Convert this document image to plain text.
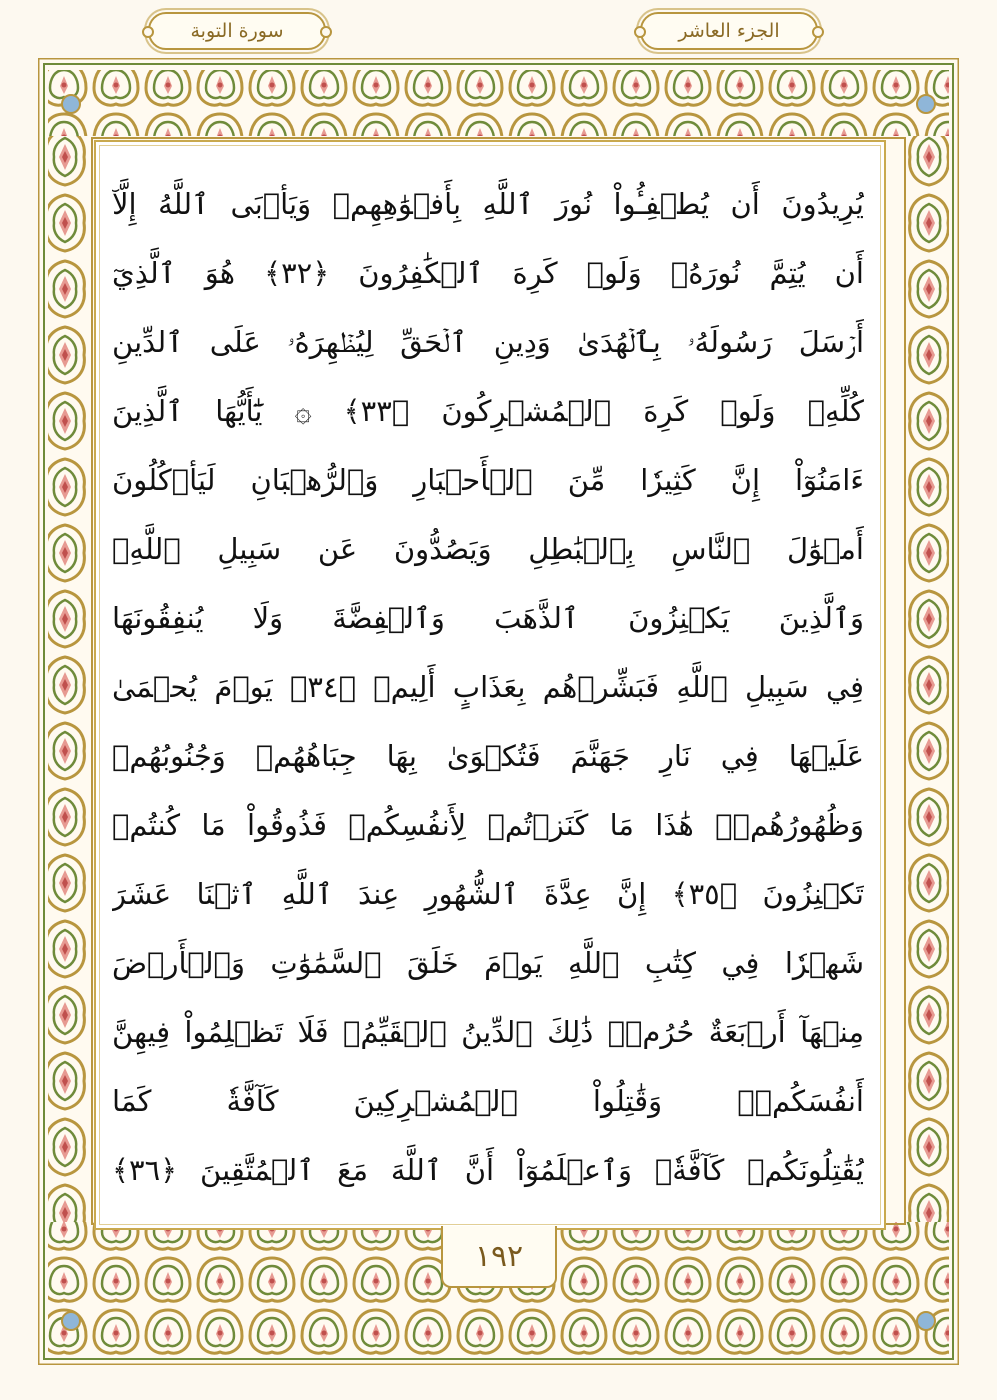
سورة التوبة	الجزء العاشر
يُرِيدُونَ أَن يُطۡفِـُٔواْ نُورَ ٱللَّهِ بِأَفۡوَٰهِهِمۡ وَيَأۡبَى ٱللَّهُ إِلَّآ
أَن يُتِمَّ نُورَهُۥ وَلَوۡ كَرِهَ ٱلۡكَٰفِرُونَ ﴿٣٢﴾ هُوَ ٱلَّذِيٓ
أَرۡسَلَ رَسُولَهُۥ بِٱلۡهُدَىٰ وَدِينِ ٱلۡحَقِّ لِيُظۡهِرَهُۥ عَلَى ٱلدِّينِ
كُلِّهِۦ وَلَوۡ كَرِهَ ٱلۡمُشۡرِكُونَ ﴿٣٣﴾ ۞ يَٰٓأَيُّهَا ٱلَّذِينَ
ءَامَنُوٓاْ إِنَّ كَثِيرٗا مِّنَ ٱلۡأَحۡبَارِ وَٱلرُّهۡبَانِ لَيَأۡكُلُونَ
أَمۡوَٰلَ ٱلنَّاسِ بِٱلۡبَٰطِلِ وَيَصُدُّونَ عَن سَبِيلِ ٱللَّهِۗ
وَٱلَّذِينَ يَكۡنِزُونَ ٱلذَّهَبَ وَٱلۡفِضَّةَ وَلَا يُنفِقُونَهَا
فِي سَبِيلِ ٱللَّهِ فَبَشِّرۡهُم بِعَذَابٍ أَلِيمٖ ﴿٣٤﴾ يَوۡمَ يُحۡمَىٰ
عَلَيۡهَا فِي نَارِ جَهَنَّمَ فَتُكۡوَىٰ بِهَا جِبَاهُهُمۡ وَجُنُوبُهُمۡ
وَظُهُورُهُمۡۖ هَٰذَا مَا كَنَزۡتُمۡ لِأَنفُسِكُمۡ فَذُوقُواْ مَا كُنتُمۡ
تَكۡنِزُونَ ﴿٣٥﴾ إِنَّ عِدَّةَ ٱلشُّهُورِ عِندَ ٱللَّهِ ٱثۡنَا عَشَرَ
شَهۡرٗا فِي كِتَٰبِ ٱللَّهِ يَوۡمَ خَلَقَ ٱلسَّمَٰوَٰتِ وَٱلۡأَرۡضَ
مِنۡهَآ أَرۡبَعَةٌ حُرُمٞۚ ذَٰلِكَ ٱلدِّينُ ٱلۡقَيِّمُۚ فَلَا تَظۡلِمُواْ فِيهِنَّ
أَنفُسَكُمۡۚ وَقَٰتِلُواْ ٱلۡمُشۡرِكِينَ كَآفَّةٗ كَمَا
يُقَٰتِلُونَكُمۡ كَآفَّةٗۚ وَٱعۡلَمُوٓاْ أَنَّ ٱللَّهَ مَعَ ٱلۡمُتَّقِينَ ﴿٣٦﴾
١٩٢
